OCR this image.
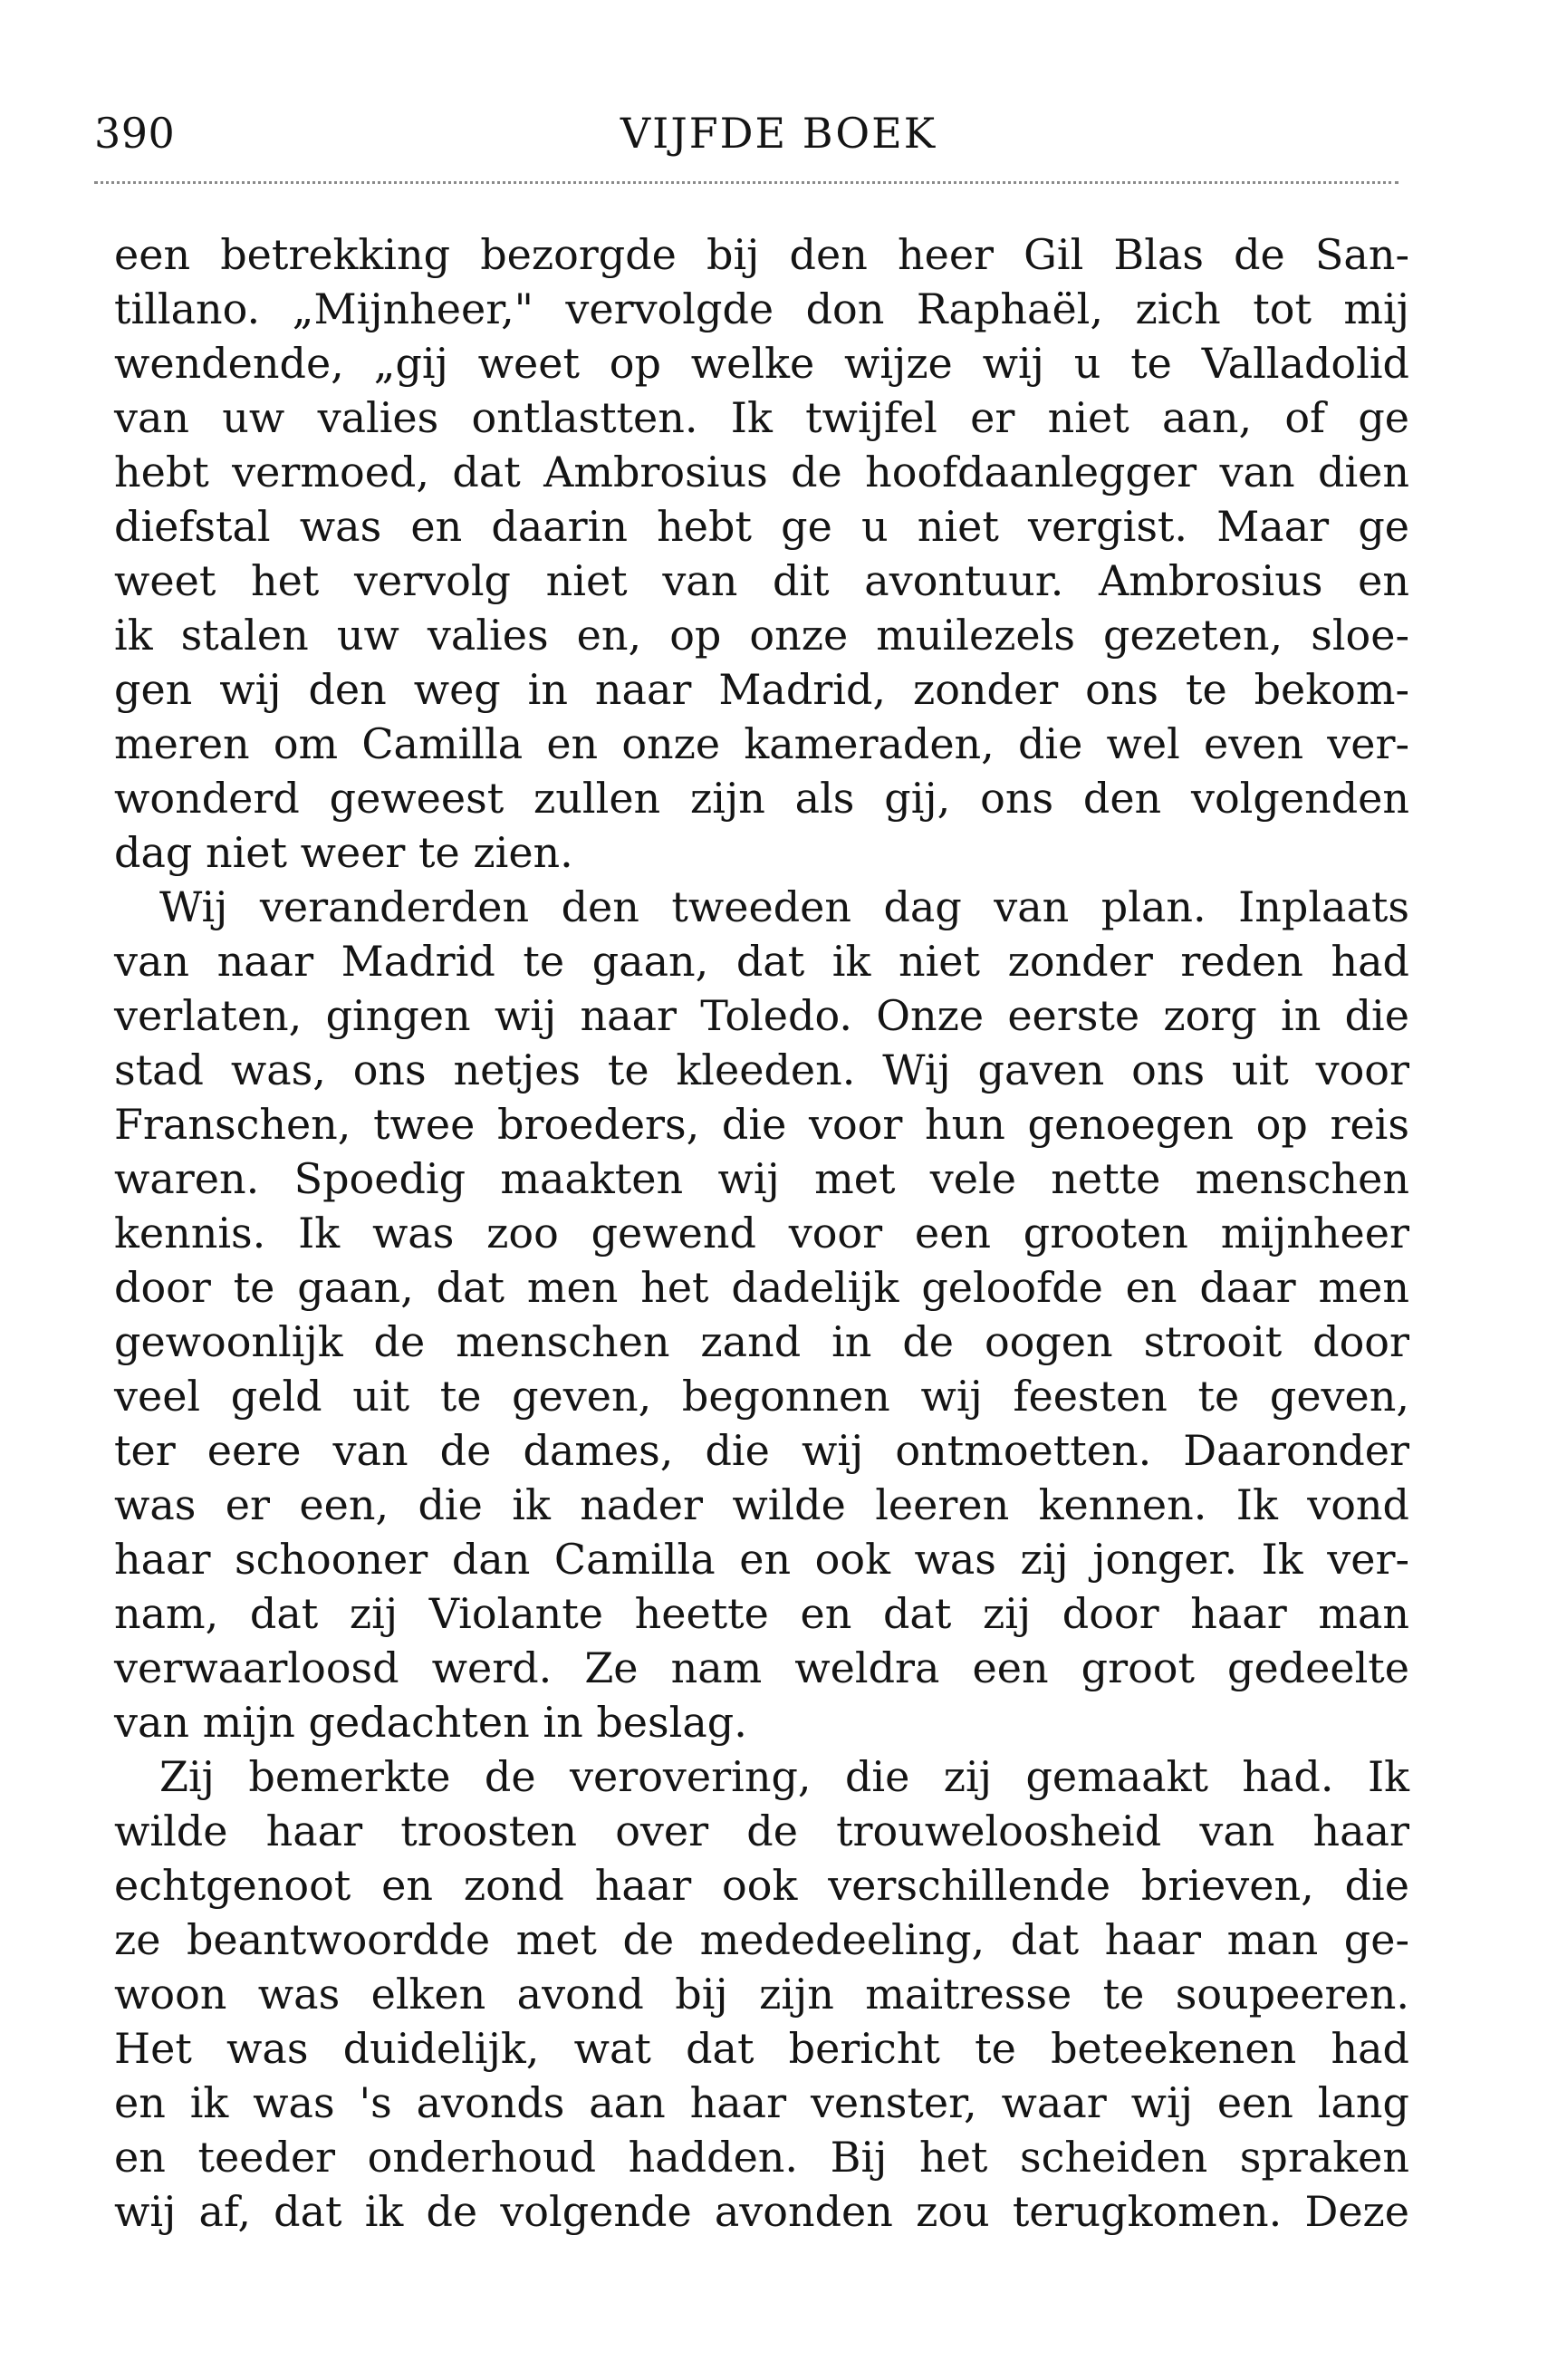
390	VIJFDE BOEK
een betrekking bezorgde bij den heer Gil Blas de San-
tillano. „Mijnheer," vervolgde don Raphaël, zich tot mij
wendende, „gij weet op welke wijze wij u te Valladolid
van uw valies ontlastten. Ik twijfel er niet aan, of ge
hebt vermoed, dat Ambrosius de hoofdaanlegger van dien
diefstal was en daarin hebt ge u niet vergist. Maar ge
weet het vervolg niet van dit avontuur. Ambrosius en
ik stalen uw valies en, op onze muilezels gezeten, sloe-
gen wij den weg in naar Madrid, zonder ons te bekom-
meren om Camilla en onze kameraden, die wel even ver-
wonderd geweest zullen zijn als gij, ons den volgenden
dag niet weer te zien.
Wij veranderden den tweeden dag van plan. Inplaats
van naar Madrid te gaan, dat ik niet zonder reden had
verlaten, gingen wij naar Toledo. Onze eerste zorg in die
stad was, ons netjes te kleeden. Wij gaven ons uit voor
Franschen, twee broeders, die voor hun genoegen op reis
waren. Spoedig maakten wij met vele nette menschen
kennis. Ik was zoo gewend voor een grooten mijnheer
door te gaan, dat men het dadelijk geloofde en daar men
gewoonlijk de menschen zand in de oogen strooit door
veel geld uit te geven, begonnen wij feesten te geven,
ter eere van de dames, die wij ontmoetten. Daaronder
was er een, die ik nader wilde leeren kennen. Ik vond
haar schooner dan Camilla en ook was zij jonger. Ik ver-
nam, dat zij Violante heette en dat zij door haar man
verwaarloosd werd. Ze nam weldra een groot gedeelte
van mijn gedachten in beslag.
Zij bemerkte de verovering, die zij gemaakt had. Ik
wilde haar troosten over de trouweloosheid van haar
echtgenoot en zond haar ook verschillende brieven, die
ze beantwoordde met de mededeeling, dat haar man ge-
woon was elken avond bij zijn maitresse te soupeeren.
Het was duidelijk, wat dat bericht te beteekenen had
en ik was 's avonds aan haar venster, waar wij een lang
en teeder onderhoud hadden. Bij het scheiden spraken
wij af, dat ik de volgende avonden zou terugkomen. Deze
